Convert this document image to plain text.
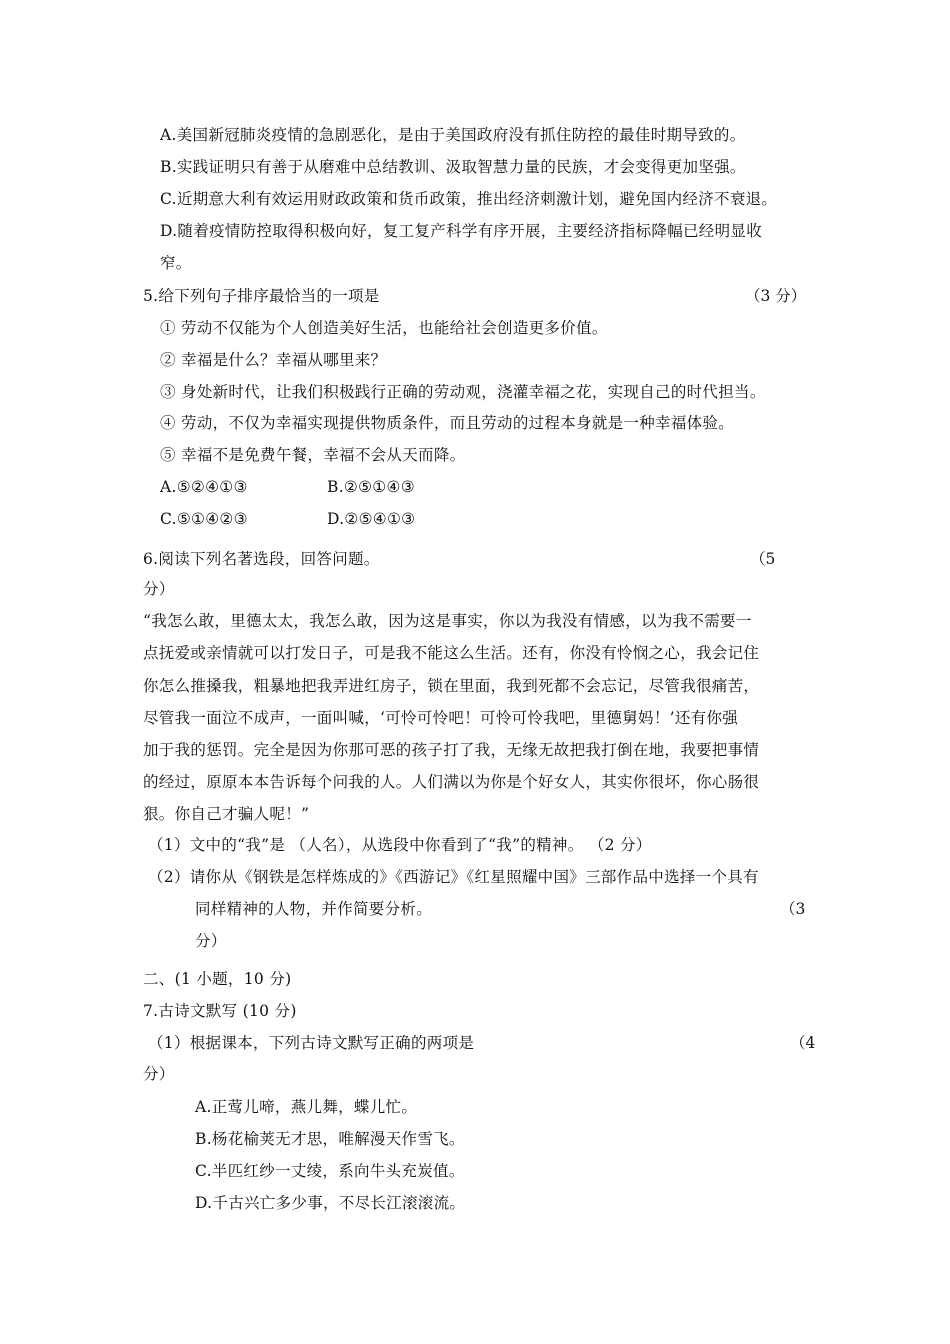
A.美国新冠肺炎疫情的急剧恶化，是由于美国政府没有抓住防控的最佳时期导致的。
B.实践证明只有善于从磨难中总结教训、汲取智慧力量的民族，才会变得更加坚强。
C.近期意大利有效运用财政政策和货币政策，推出经济刺激计划，避免国内经济不衰退。
D.随着疫情防控取得积极向好，复工复产科学有序开展，主要经济指标降幅已经明显收
窄。
5.给下列句子排序最恰当的一项是	（3 分）
① 劳动不仅能为个人创造美好生活，也能给社会创造更多价值。
② 幸福是什么？幸福从哪里来？
③ 身处新时代，让我们积极践行正确的劳动观，浇灌幸福之花，实现自己的时代担当。
④ 劳动，不仅为幸福实现提供物质条件，而且劳动的过程本身就是一种幸福体验。
⑤ 幸福不是免费午餐，幸福不会从天而降。
A.⑤②④①③	B.②⑤①④③
C.⑤①④②③	D.②⑤④①③
6.阅读下列名著选段，回答问题。	（5
分）
“我怎么敢，里德太太，我怎么敢，因为这是事实，你以为我没有情感，以为我不需要一
点抚爱或亲情就可以打发日子，可是我不能这么生活。还有，你没有怜悯之心，我会记住
你怎么推搡我，粗暴地把我弄进红房子，锁在里面，我到死都不会忘记，尽管我很痛苦，
尽管我一面泣不成声，一面叫喊，‘可怜可怜吧！可怜可怜我吧，里德舅妈！’还有你强
加于我的惩罚。完全是因为你那可恶的孩子打了我，无缘无故把我打倒在地，我要把事情
的经过，原原本本告诉每个问我的人。人们满以为你是个好女人，其实你很坏，你心肠很
狠。你自己才骗人呢！”
（1）文中的“我”是 （人名），从选段中你看到了“我”的精神。 （2 分）
（2）请你从《钢铁是怎样炼成的》《西游记》《红星照耀中国》三部作品中选择一个具有
同样精神的人物，并作简要分析。	（3
分）
二、(1 小题，10 分)
7.古诗文默写 (10 分)
（1）根据课本，下列古诗文默写正确的两项是	（4
分）
A.正莺儿啼，燕儿舞，蝶儿忙。
B.杨花榆荚无才思，唯解漫天作雪飞。
C.半匹红纱一丈绫，系向牛头充炭值。
D.千古兴亡多少事，不尽长江滚滚流。
